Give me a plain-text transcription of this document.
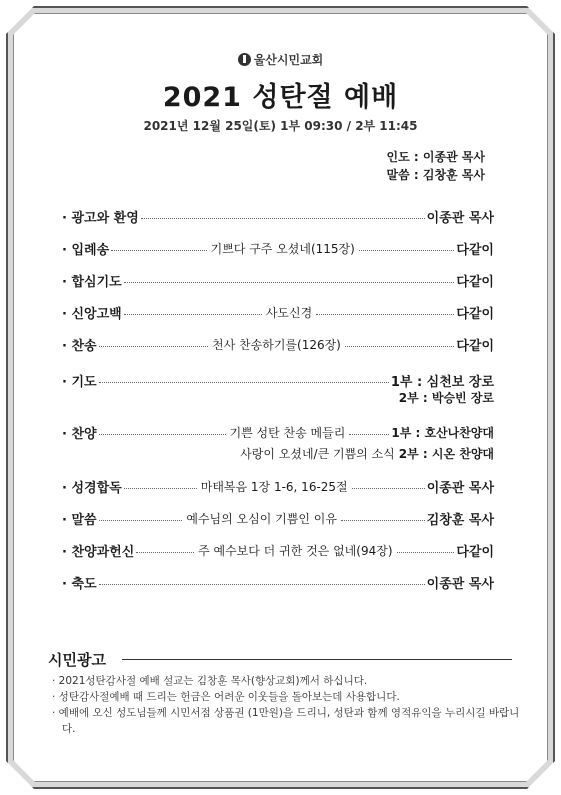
울산시민교회
2021 성탄절 예배
2021년 12월 25일(토) 1부 09:30 / 2부 11:45
인도 : 이종관 목사
말씀 : 김창훈 목사
· 광고와 환영	이종관 목사
· 입례송	기쁘다 구주 오셨네(115장)	다같이
· 합심기도	다같이
· 신앙고백	사도신경	다같이
· 찬송	천사 찬송하기를(126장)	다같이
· 기도	1부 : 심천보 장로
2부 : 박승빈 장로
· 찬양	기쁜 성탄 찬송 메들리	1부 : 호산나찬양대
사랑이 오셨네/큰 기쁨의 소식 2부 : 시온 찬양대
· 성경합독	마태복음 1장 1-6, 16-25절	이종관 목사
· 말씀	예수님의 오심이 기쁨인 이유	김창훈 목사
· 찬양과헌신	주 예수보다 더 귀한 것은 없네(94장)	다같이
· 축도	이종관 목사
시민광고
· 2021성탄감사절 예배 설교는 김창훈 목사(향상교회)께서 하십니다.
· 성탄감사절예배 때 드리는 헌금은 어려운 이웃들을 돌아보는데 사용합니다.
· 예배에 오신 성도님들께 시민서점 상품권 (1만원)을 드리니, 성탄과 함께 영적유익을 누리시길 바랍니다.
